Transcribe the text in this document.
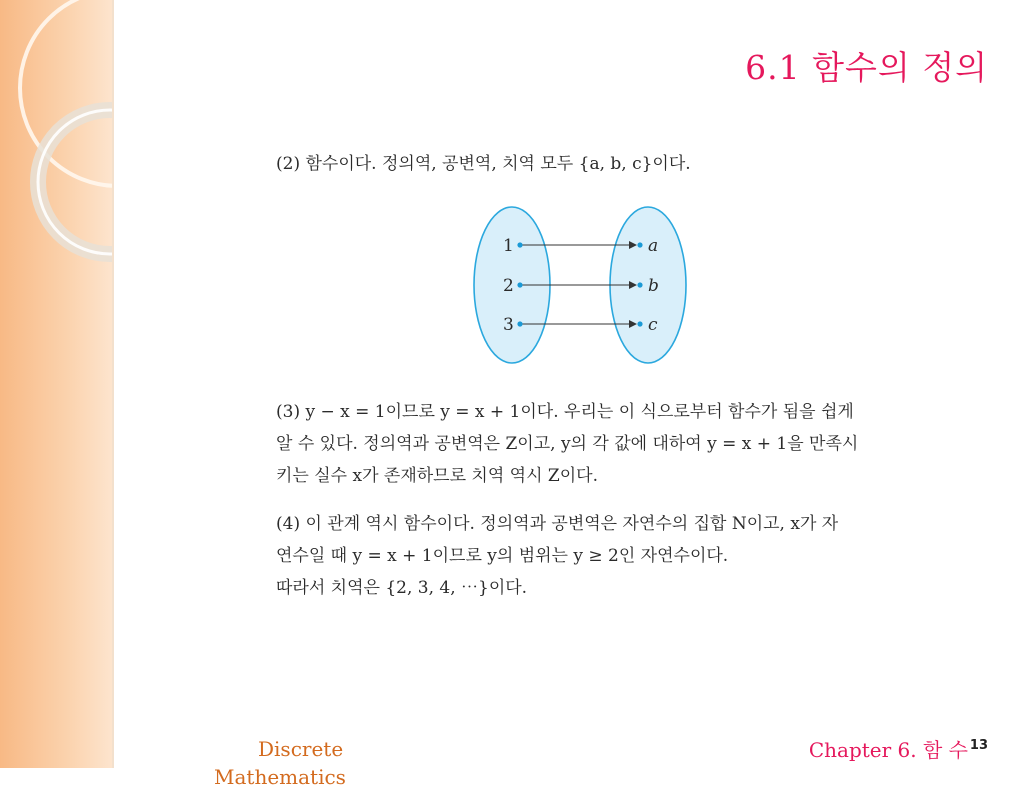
6.1 함수의 정의
(2) 함수이다. 정의역, 공변역, 치역 모두 {a, b, c}이다.
1
2
3
a
b
c
(3) y − x = 1이므로 y = x + 1이다. 우리는 이 식으로부터 함수가 됨을 쉽게
알 수 있다. 정의역과 공변역은 Z이고, y의 각 값에 대하여 y = x + 1을 만족시
키는 실수 x가 존재하므로 치역 역시 Z이다.
(4) 이 관계 역시 함수이다. 정의역과 공변역은 자연수의 집합 N이고, x가 자
연수일 때 y = x + 1이므로 y의 범위는 y ≥ 2인 자연수이다.
따라서 치역은 {2, 3, 4, ⋯}이다.
Discrete
Mathematics
Chapter 6. 함 수 13
